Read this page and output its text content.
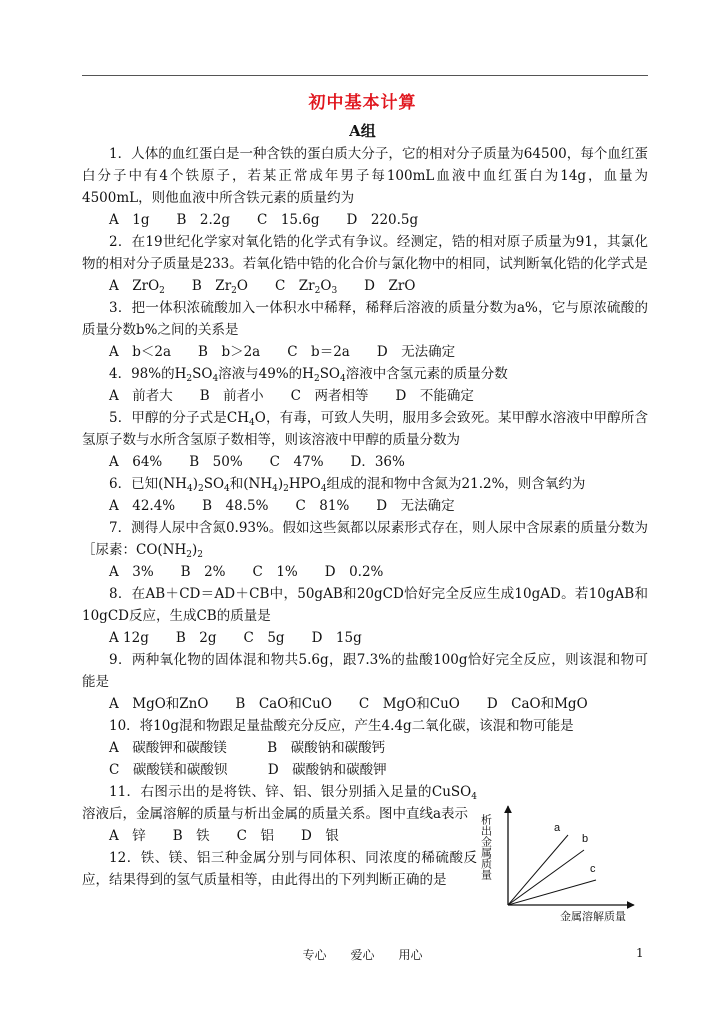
初中基本计算
A组

1．人体的血红蛋白是一种含铁的蛋白质大分子，它的相对分子质量为64500，每个血红蛋白分子中有4个铁原子，若某正常成年男子每100mL血液中血红蛋白为14g，血量为4500mL，则他血液中所含铁元素的质量约为

A　1g　　B　2.2g　　C　15.6g　　D　220.5g

2．在19世纪化学家对氧化锆的化学式有争议。经测定，锆的相对原子质量为91，其氯化物的相对分子质量是233。若氧化锆中锆的化合价与氯化物中的相同，试判断氧化锆的化学式是

A　ZrO$_2$　　B　$Zr_2O$　　C　$Zr_2O_3$　　D　ZrO

3．把一体积浓硫酸加入一体积水中稀释，稀释后溶液的质量分数为a%，它与原浓硫酸的质量分数b%之间的关系是

A　b＜2a　　B　b＞2a　　C　b＝2a　　D　无法确定

4．98%的$H_2SO_4$溶液与49%的$H_2SO_4$溶液中含氢元素的质量分数

A　前者大　　B　前者小　　C　两者相等　　D　不能确定

5．甲醇的分子式是$CH_4O$，有毒，可致人失明，服用多会致死。某甲醇水溶液中甲醇所含氢原子数与水所含氢原子数相等，则该溶液中甲醇的质量分数为

A　64%　　B　50%　　C　47%　　D．36%

6．已知$(NH_4)_2SO_4$和$(NH_4)_2HPO_4$组成的混和物中含氮为21.2%，则含氧约为

A　42.4%　　B　48.5%　　C　81%　　D　无法确定

7．测得人尿中含氮0.93%。假如这些氮都以尿素形式存在，则人尿中含尿素的质量分数为［尿素：$CO(NH_2)_2$

A　3%　　B　2%　　C　1%　　D　0.2%

8．在AB＋CD＝AD＋CB中，50gAB和20gCD恰好完全反应生成10gAD。若10gAB和10gCD反应，生成CB的质量是

A 12g　　B　2g　　C　5g　　D　15g

9．两种氧化物的固体混和物共5.6g，跟7.3%的盐酸100g恰好完全反应，则该混和物可能是

A　MgO和ZnO　　B　CaO和CuO　　C　MgO和CuO　　D　CaO和MgO

10．将10g混和物跟足量盐酸充分反应，产生4.4g二氧化碳，该混和物可能是

A　碳酸钾和碳酸镁　　　B　碳酸钠和碳酸钙

C　碳酸镁和碳酸钡　　　D　碳酸钠和碳酸钾

11．右图示出的是将铁、锌、铝、银分别插入足量的CuSO$_4$溶液后，金属溶解的质量与析出金属的质量关系。图中直线a表示

A　锌　　B　铁　　C　铝　　D　银

12．铁、镁、铝三种金属分别与同体积、同浓度的稀硫酸反应，结果得到的氢气质量相等，由此得出的下列判断正确的是

a
b
c
析出金属质量
金属溶解质量
专心　　爱心　　用心	1
